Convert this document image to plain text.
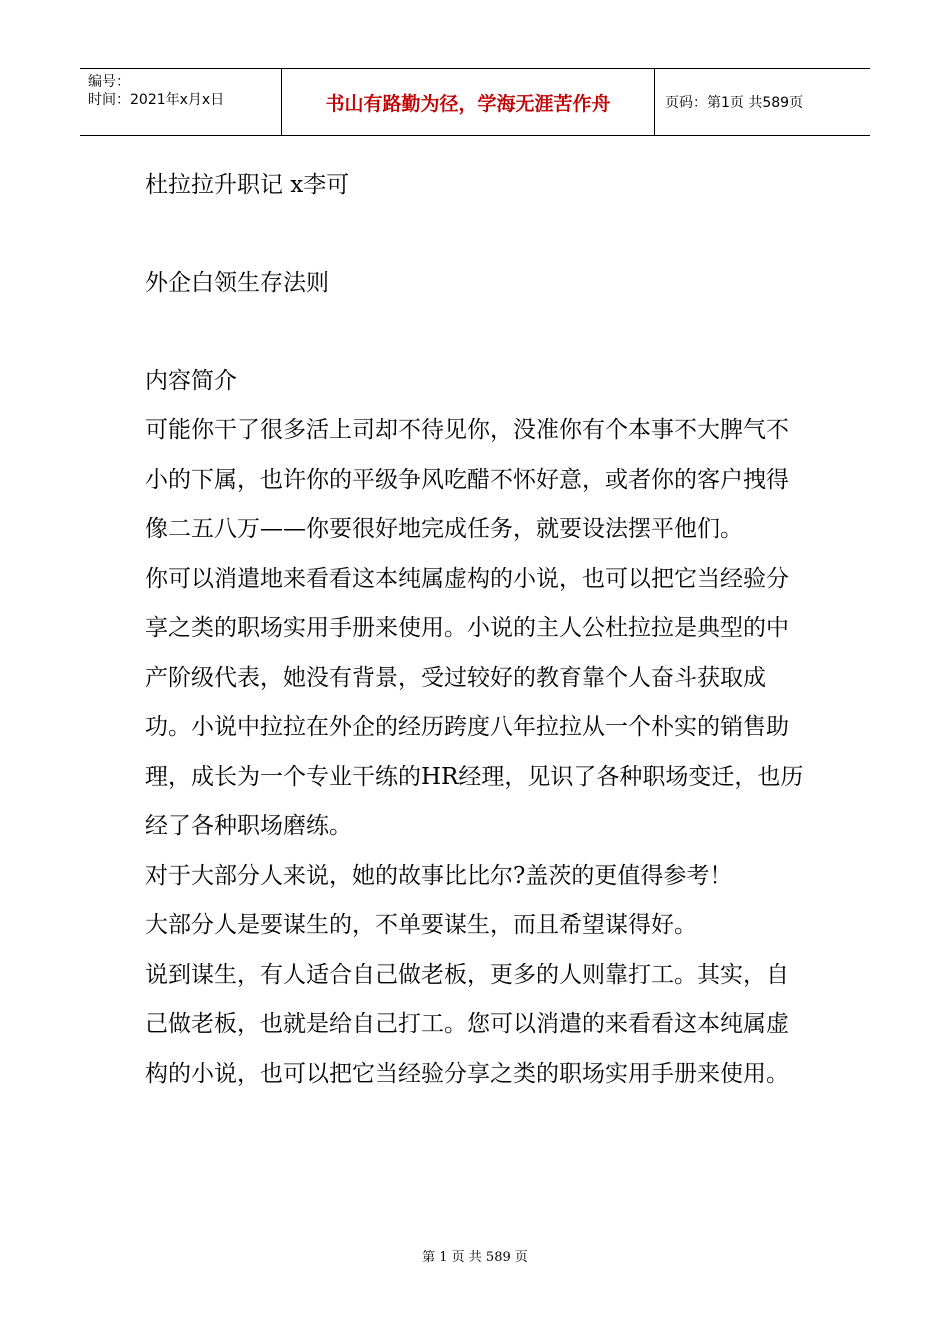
编号：
时间：2021年x月x日	书山有路勤为径，学海无涯苦作舟	页码：第1页 共589页

杜拉拉升职记 x李可

外企白领生存法则

内容简介

可能你干了很多活上司却不待见你，没准你有个本事不大脾气不小的下属，也许你的平级争风吃醋不怀好意，或者你的客户拽得像二五八万——你要很好地完成任务，就要设法摆平他们。

你可以消遣地来看看这本纯属虚构的小说，也可以把它当经验分享之类的职场实用手册来使用。小说的主人公杜拉拉是典型的中产阶级代表，她没有背景，受过较好的教育靠个人奋斗获取成功。小说中拉拉在外企的经历跨度八年拉拉从一个朴实的销售助理，成长为一个专业干练的HR经理，见识了各种职场变迁，也历经了各种职场磨练。

对于大部分人来说，她的故事比比尔?盖茨的更值得参考！

大部分人是要谋生的，不单要谋生，而且希望谋得好。

说到谋生，有人适合自己做老板，更多的人则靠打工。其实，自己做老板，也就是给自己打工。您可以消遣的来看看这本纯属虚构的小说，也可以把它当经验分享之类的职场实用手册来使用。

第 1 页 共 589 页
